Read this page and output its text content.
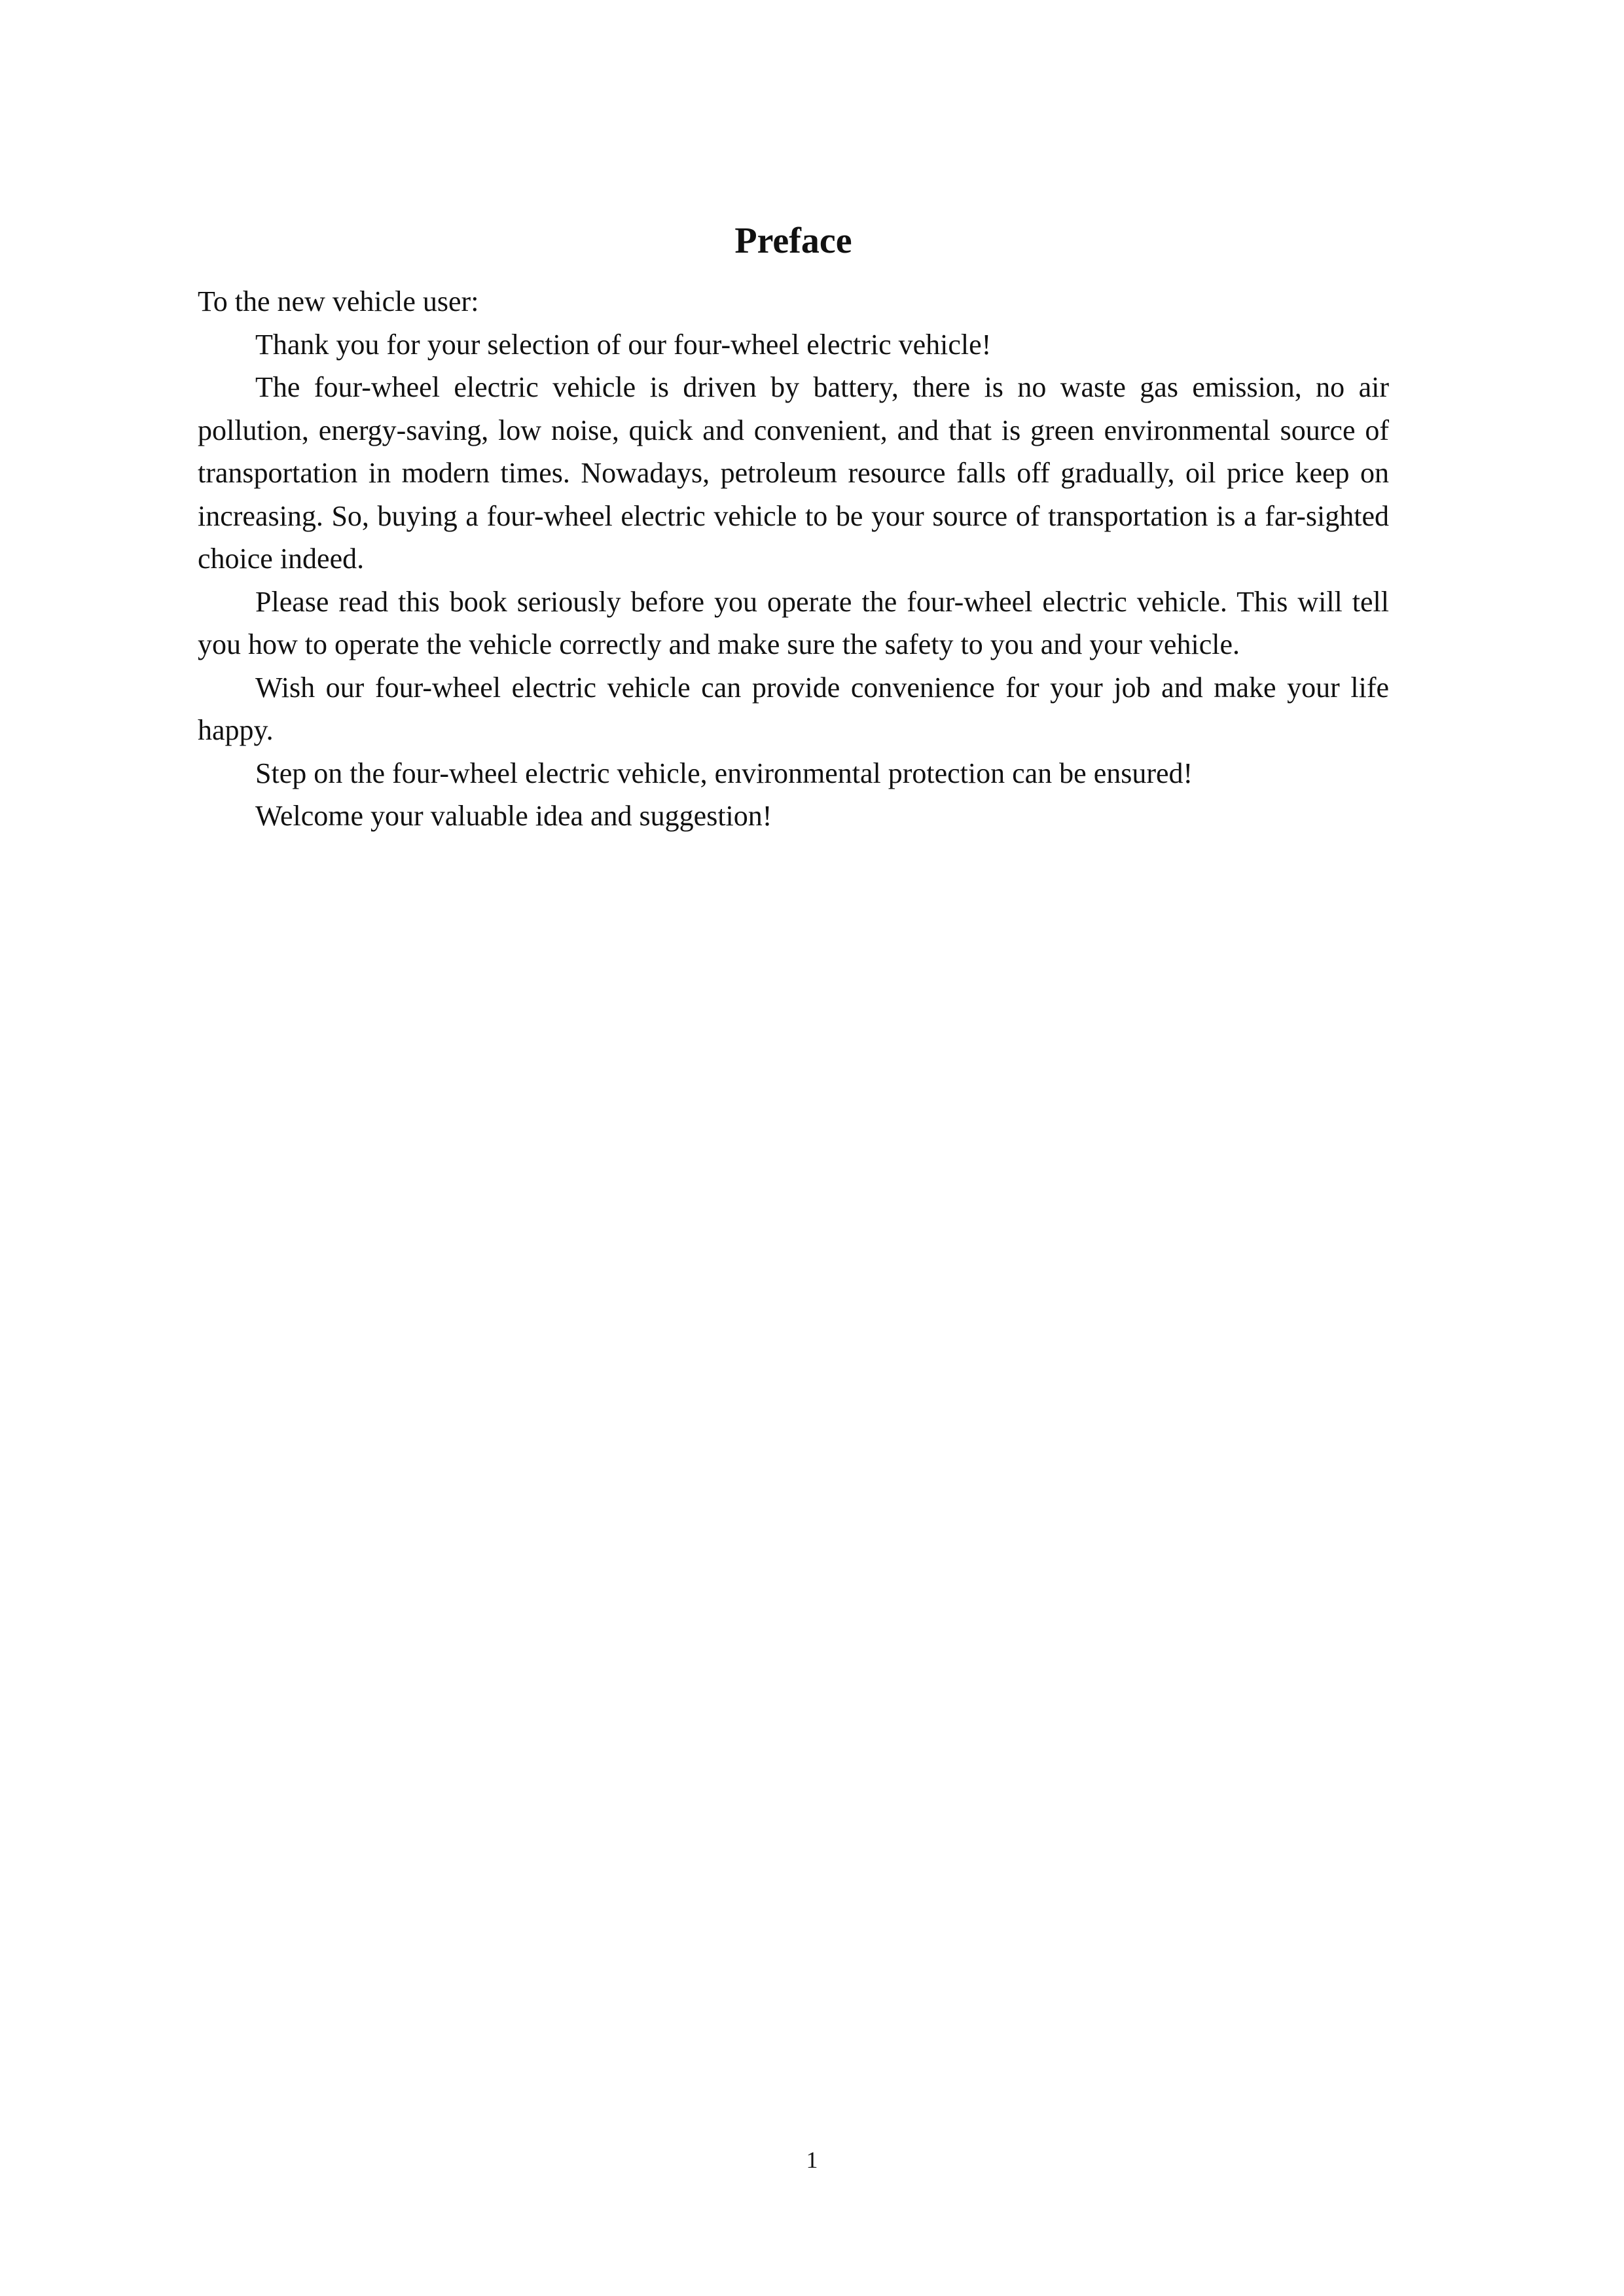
Preface

To the new vehicle user:

Thank you for your selection of our four-wheel electric vehicle!

The four-wheel electric vehicle is driven by battery, there is no waste gas emission, no air pollution, energy-saving, low noise, quick and convenient, and that is green environmental source of transportation in modern times. Nowadays, petroleum resource falls off gradually, oil price keep on increasing. So, buying a four-wheel electric vehicle to be your source of transportation is a far-sighted choice indeed.

Please read this book seriously before you operate the four-wheel electric vehicle. This will tell you how to operate the vehicle correctly and make sure the safety to you and your vehicle.

Wish our four-wheel electric vehicle can provide convenience for your job and make your life happy.

Step on the four-wheel electric vehicle, environmental protection can be ensured!

Welcome your valuable idea and suggestion!

1
